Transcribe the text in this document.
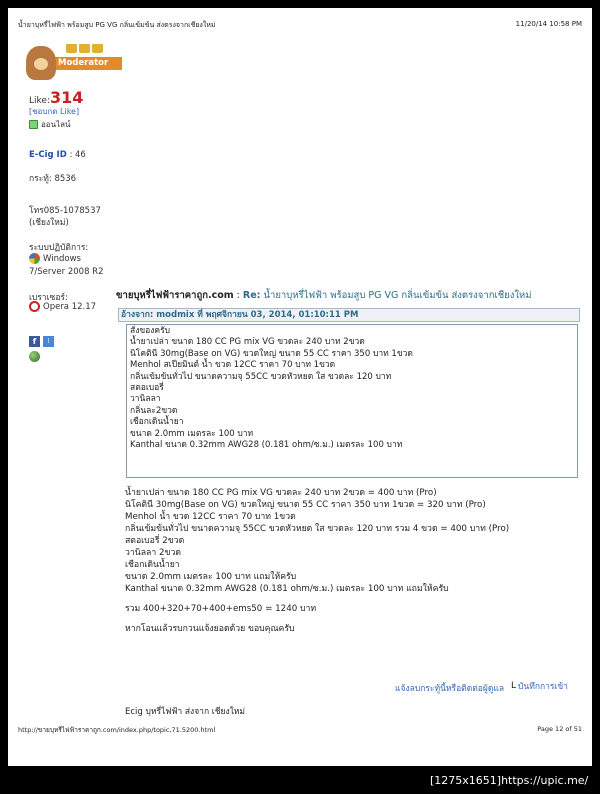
น้ำยาบุหรี่ไฟฟ้า พร้อมสูบ PG VG กลิ่นเข้มข้น ส่งตรงจากเชียงใหม่	11/20/14 10:58 PM
Moderator
Like:314
[ชอบกด Like]
ออนไลน์
E-Cig ID : 46
กระทู้: 8536
โทร085-1078537
(เชียงใหม่)
ระบบปฏิบัติการ:
Windows
7/Server 2008 R2
เบราเซอร์:
Opera 12.17
f	⁞
ขายบุหรี่ไฟฟ้าราคาถูก.com : Re: น้ำยาบุหรี่ไฟฟ้า พร้อมสูบ PG VG กลิ่นเข้มข้น ส่งตรงจากเชียงใหม่
อ้างจาก: modmix ที่ พฤศจิกายน 03, 2014, 01:10:11 PM
สั่งของครับ
น้ำยาเปล่า ขนาด 180 CC PG mix VG ขวดละ 240 บาท 2ขวด
นิโคตินี 30mg(Base on VG) ขวดใหญ่ ขนาด 55 CC ราคา 350 บาท 1ขวด
Menhol สเปียมินต์ น้ำ ขวด 12CC ราคา 70 บาท 1ขวด
กลิ่นเข้มข้นทั่วไป ขนาดความจุ 55CC ขวดหัวหยด ใส ขวดละ 120 บาท
สตอเบอรี่
วานิลลา
กลิ่นละ2ขวด
เชือกเดินน้ำยา
ขนาด 2.0mm เมตรละ 100 บาท
Kanthal ขนาด 0.32mm AWG28 (0.181 ohm/ซ.ม.) เมตรละ 100 บาท
น้ำยาเปล่า ขนาด 180 CC PG mix VG ขวดละ 240 บาท 2ขวด = 400 บาท (Pro)
นิโคตินี 30mg(Base on VG) ขวดใหญ่ ขนาด 55 CC ราคา 350 บาท 1ขวด = 320 บาท (Pro)
Menhol น้ำ ขวด 12CC ราคา 70 บาท 1ขวด
กลิ่นเข้มข้นทั่วไป ขนาดความจุ 55CC ขวดหัวหยด ใส ขวดละ 120 บาท รวม 4 ขวด = 400 บาท (Pro)
สตอเบอรี่ 2ขวด
วานิลลา 2ขวด
เชือกเดินน้ำยา
ขนาด 2.0mm เมตรละ 100 บาท แถมให้ครับ
Kanthal ขนาด 0.32mm AWG28 (0.181 ohm/ซ.ม.) เมตรละ 100 บาท แถมให้ครับ
รวม 400+320+70+400+ems50 = 1240 บาท
หากโอนแล้วรบกวนแจ้งยอดด้วย ขอบคุณครับ
แจ้งลบกระทู้นี้หรือติดต่อผู้ดูแล L บันทึกการเข้า
Ecig บุหรี่ไฟฟ้า ส่งจาก เชียงใหม่
http://ขายบุหรี่ไฟฟ้าราคาถูก.com/index.php/topic,71.5200.html	Page 12 of 51
[1275x1651]https://upic.me/
